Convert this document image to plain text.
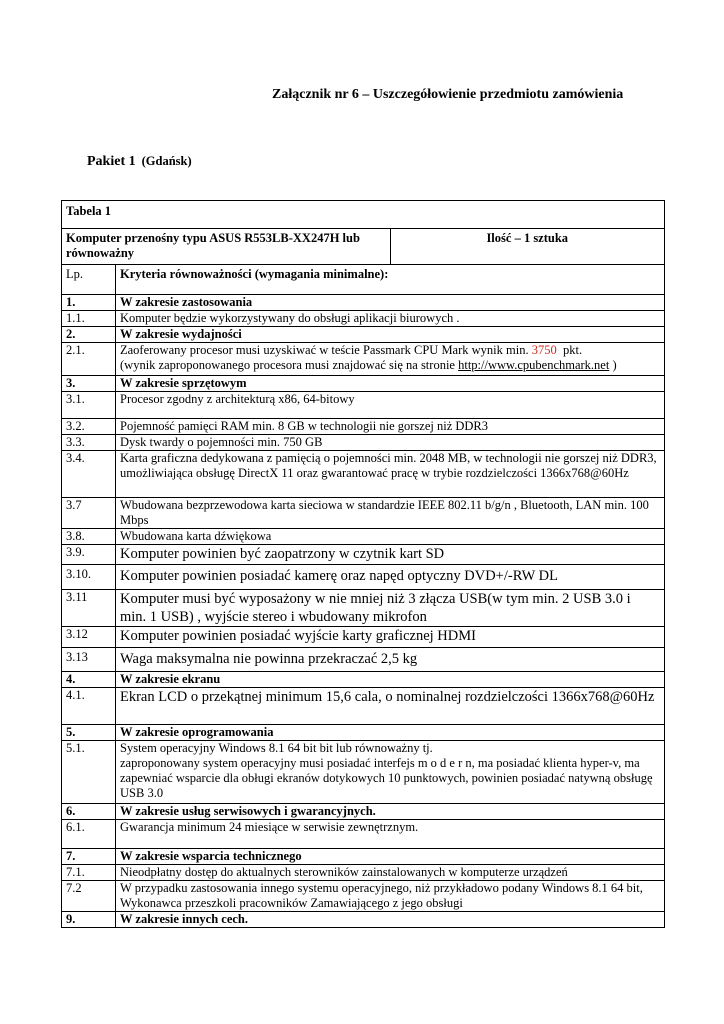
Załącznik nr 6 – Uszczegółowienie przedmiotu zamówienia
Pakiet 1 (Gdańsk)
Tabela 1		
Komputer przenośny typu ASUS R553LB-XX247H lub równoważny		Ilość – 1 sztuka
Lp.	Kryteria równoważności (wymagania minimalne):	
1.	W zakresie zastosowania	
1.1.	Komputer będzie wykorzystywany do obsługi aplikacji biurowych .	
2.	W zakresie wydajności	
2.1.	Zaoferowany procesor musi uzyskiwać w teście Passmark CPU Mark wynik min. 3750 pkt.
(wynik zaproponowanego procesora musi znajdować się na stronie http://www.cpubenchmark.net )	
3.	W zakresie sprzętowym	
3.1.	Procesor zgodny z architekturą x86, 64-bitowy	
3.2.	Pojemność pamięci RAM min. 8 GB w technologii nie gorszej niż DDR3	
3.3.	Dysk twardy o pojemności min. 750 GB	
3.4.	Karta graficzna dedykowana z pamięcią o pojemności min. 2048 MB, w technologii nie gorszej niż DDR3, umożliwiająca obsługę DirectX 11 oraz gwarantować pracę w trybie rozdzielczości 1366x768@60Hz	
3.7	Wbudowana bezprzewodowa karta sieciowa w standardzie IEEE 802.11 b/g/n , Bluetooth, LAN min. 100 Mbps	
3.8.	Wbudowana karta dźwiękowa	
3.9.	Komputer powinien być zaopatrzony w czytnik kart SD	
3.10.	Komputer powinien posiadać kamerę oraz napęd optyczny DVD+/-RW DL	
3.11	Komputer musi być wyposażony w nie mniej niż 3 złącza USB(w tym min. 2 USB 3.0 i min. 1 USB) , wyjście stereo i wbudowany mikrofon	
3.12	Komputer powinien posiadać wyjście karty graficznej HDMI	
3.13	Waga maksymalna nie powinna przekraczać 2,5 kg	
4.	W zakresie ekranu	
4.1.	Ekran LCD o przekątnej minimum 15,6 cala, o nominalnej rozdzielczości 1366x768@60Hz	
5.	W zakresie oprogramowania	
5.1.	System operacyjny Windows 8.1 64 bit bit lub równoważny tj.
zaproponowany system operacyjny musi posiadać interfejs m o d e r n, ma posiadać klienta hyper-v, ma zapewniać wsparcie dla obługi ekranów dotykowych 10 punktowych, powinien posiadać natywną obsługę USB 3.0	
6.	W zakresie usług serwisowych i gwarancyjnych.	
6.1.	Gwarancja minimum 24 miesiące w serwisie zewnętrznym.	
7.	W zakresie wsparcia technicznego	
7.1.	Nieodpłatny dostęp do aktualnych sterowników zainstalowanych w komputerze urządzeń	
7.2	W przypadku zastosowania innego systemu operacyjnego, niż przykładowo podany Windows 8.1 64 bit, Wykonawca przeszkoli pracowników Zamawiającego z jego obsługi	
9.	W zakresie innych cech.	
